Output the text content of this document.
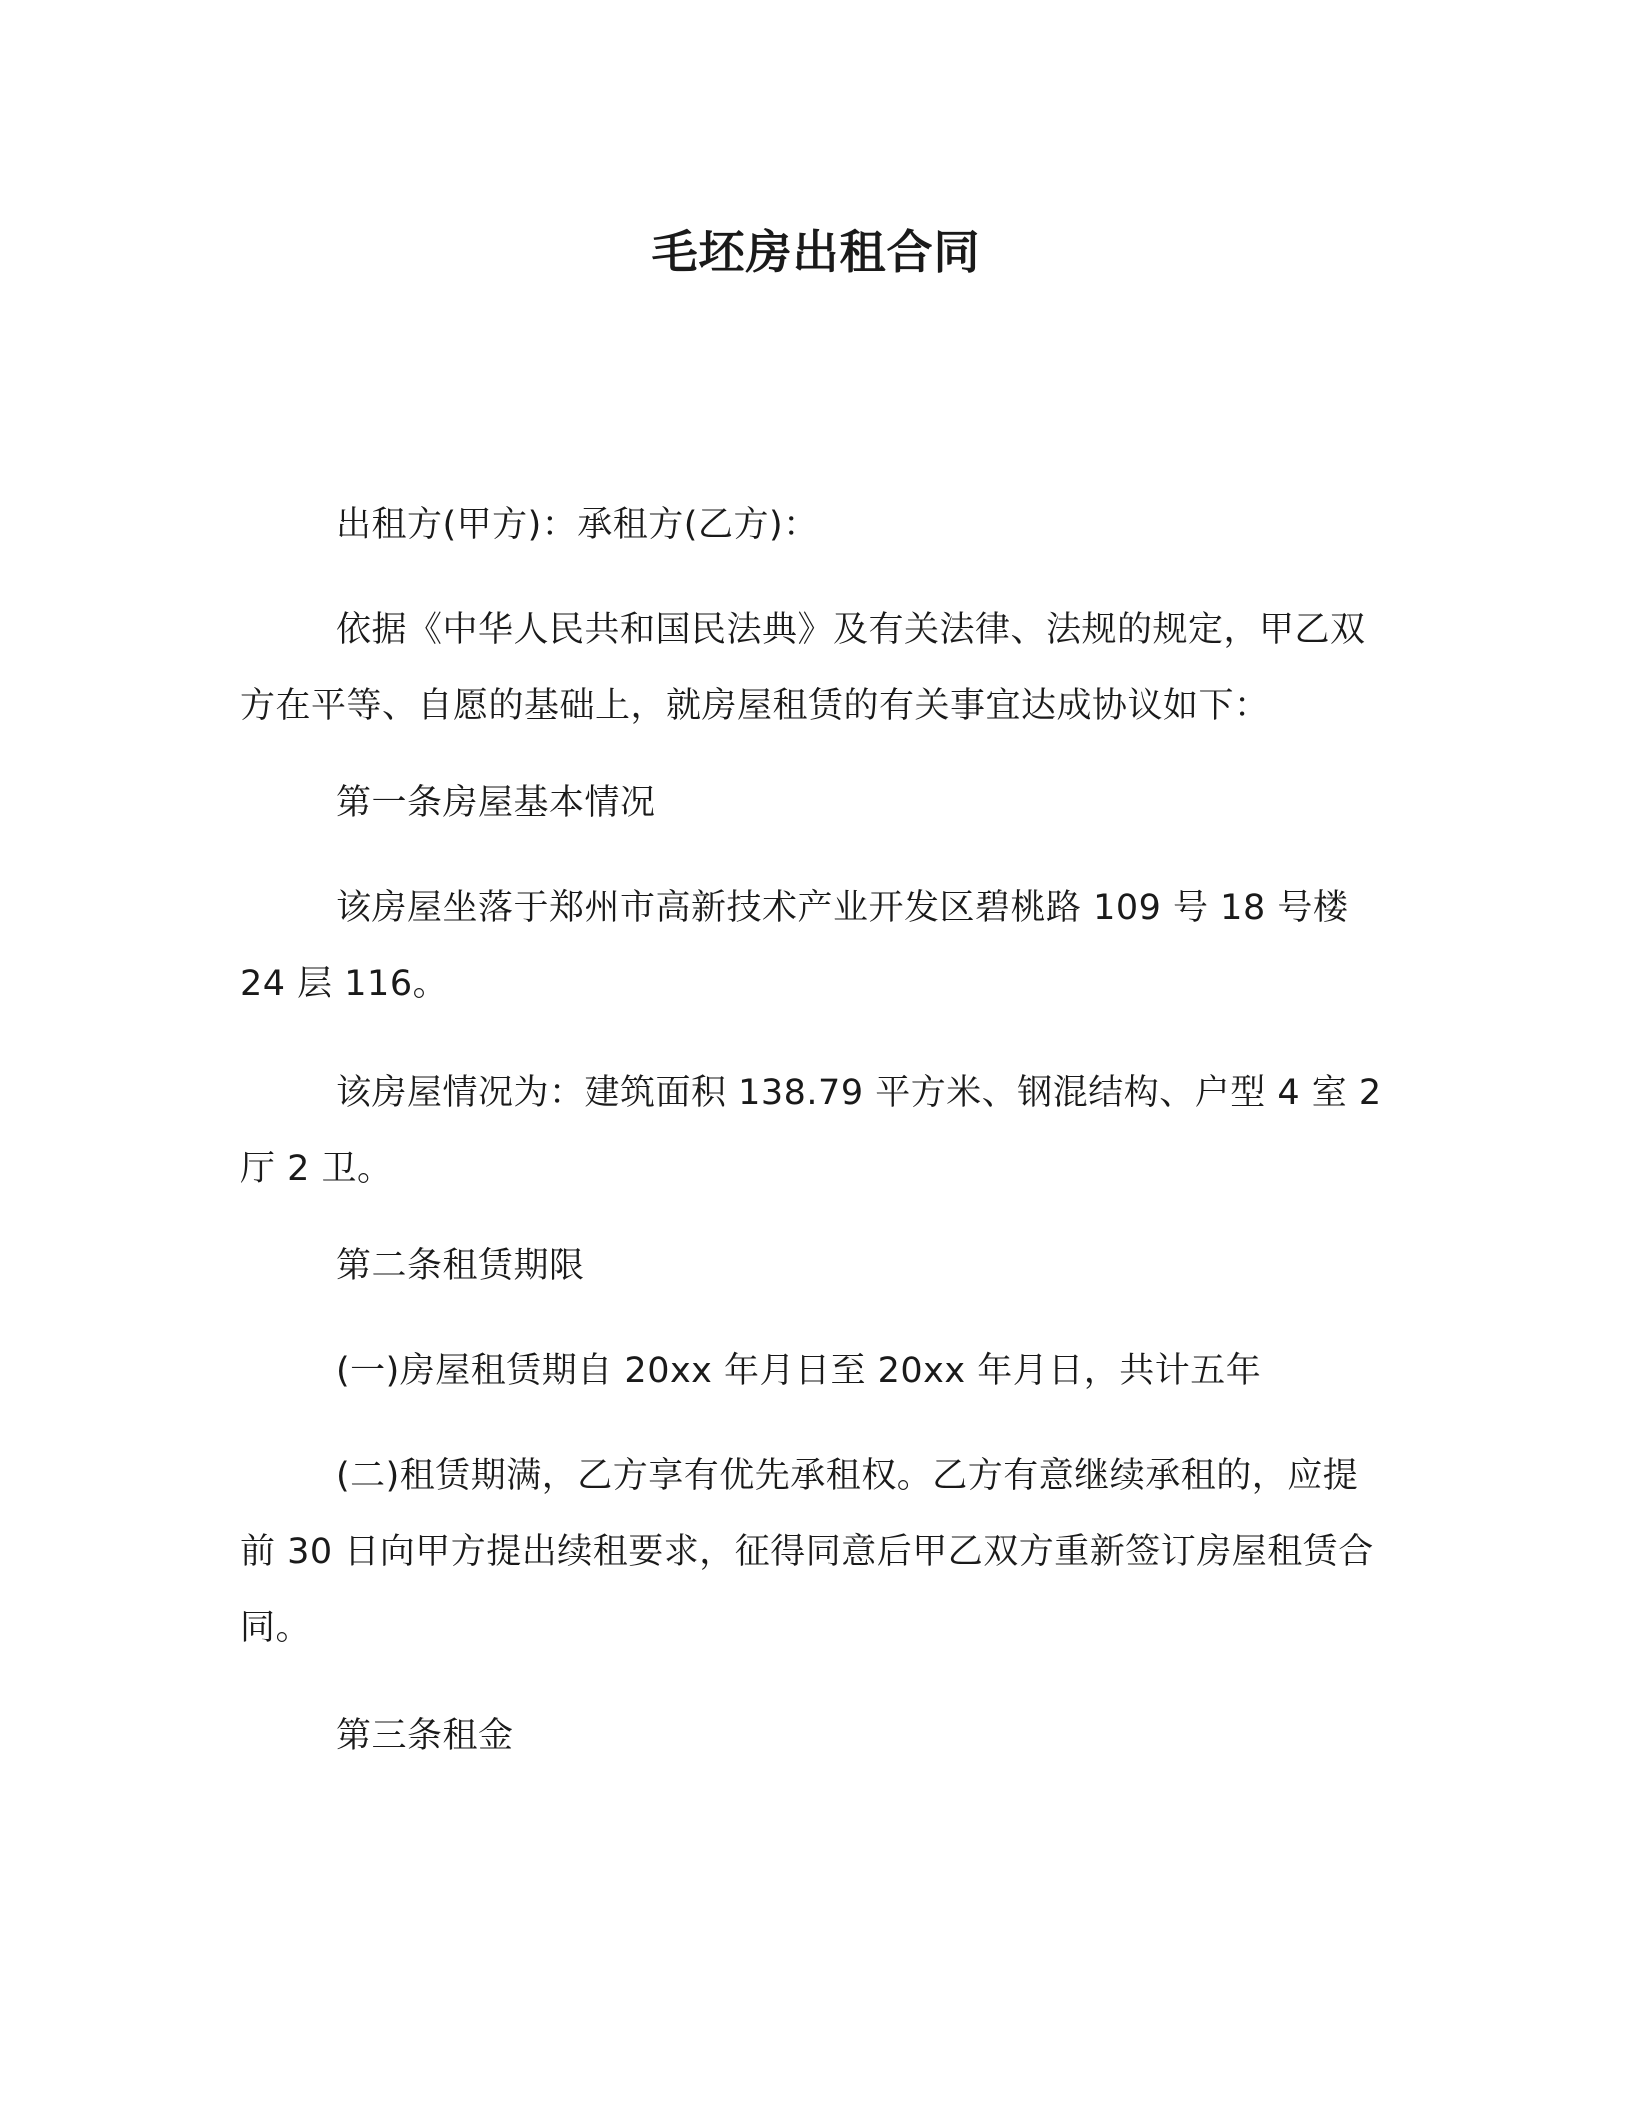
毛坯房出租合同

出租方(甲方)：承租方(乙方)：

依据《中华人民共和国民法典》及有关法律、法规的规定，甲乙双方在平等、自愿的基础上，就房屋租赁的有关事宜达成协议如下：

第一条房屋基本情况

该房屋坐落于郑州市高新技术产业开发区碧桃路 109 号 18 号楼 24 层 116。

该房屋情况为：建筑面积 138.79 平方米、钢混结构、户型 4 室 2 厅 2 卫。

第二条租赁期限

(一)房屋租赁期自 20xx 年月日至 20xx 年月日，共计五年

(二)租赁期满，乙方享有优先承租权。乙方有意继续承租的，应提前 30 日向甲方提出续租要求，征得同意后甲乙双方重新签订房屋租赁合同。

第三条租金
